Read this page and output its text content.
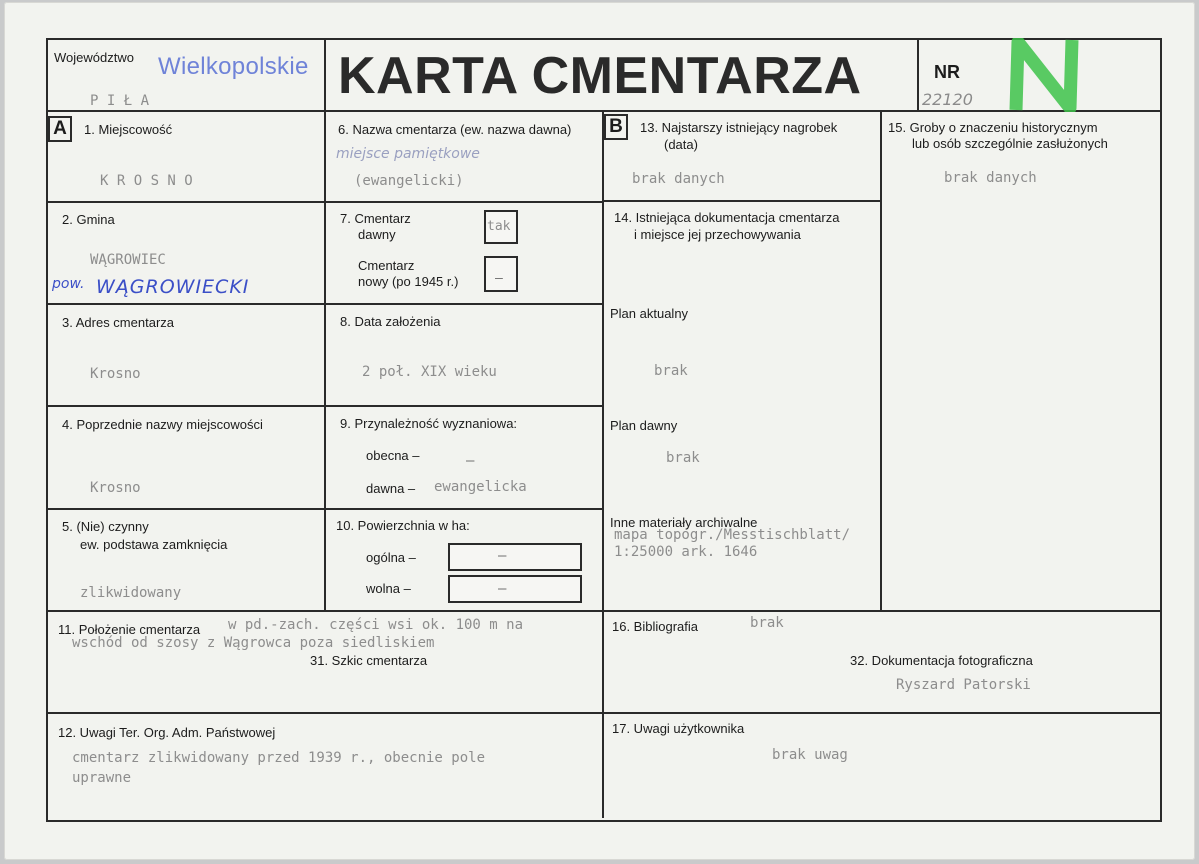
Województwo Wielkopolskie
P I Ł A	KARTA CMENTARZA	NR
22120
A	B
1. Miejscowość
K R O S N O
2. Gmina
WĄGROWIEC
pow. WĄGROWIECKI
3. Adres cmentarza
Krosno
4. Poprzednie nazwy miejscowości
Krosno
5. (Nie) czynny
ew. podstawa zamknięcia
zlikwidowany
6. Nazwa cmentarza (ew. nazwa dawna)
miejsce pamiętkowe
(ewangelicki)
7. Cmentarz
dawny
tak
Cmentarz
nowy (po 1945 r.)	–
8. Data założenia
2 poł. XIX wieku
9. Przynależność wyznaniowa:
obecna –	–
dawna – ewangelicka
10. Powierzchnia w ha:
ogólna –	–
wolna –	–
11. Położenie cmentarza w pd.-zach. części wsi ok. 100 m na
wschód od szosy z Wągrowca poza siedliskiem
31. Szkic cmentarza
12. Uwagi Ter. Org. Adm. Państwowej
cmentarz zlikwidowany przed 1939 r., obecnie pole
uprawne
13. Najstarszy istniejący nagrobek
(data)
brak danych
14. Istniejąca dokumentacja cmentarza
i miejsce jej przechowywania
Plan aktualny
brak
Plan dawny
brak
Inne materiały archiwalne
mapa topogr./Messtischblatt/
1:25000 ark. 1646
15. Groby o znaczeniu historycznym
lub osób szczególnie zasłużonych
brak danych
16. Bibliografia	brak
32. Dokumentacja fotograficzna
Ryszard Patorski
17. Uwagi użytkownika
brak uwag
